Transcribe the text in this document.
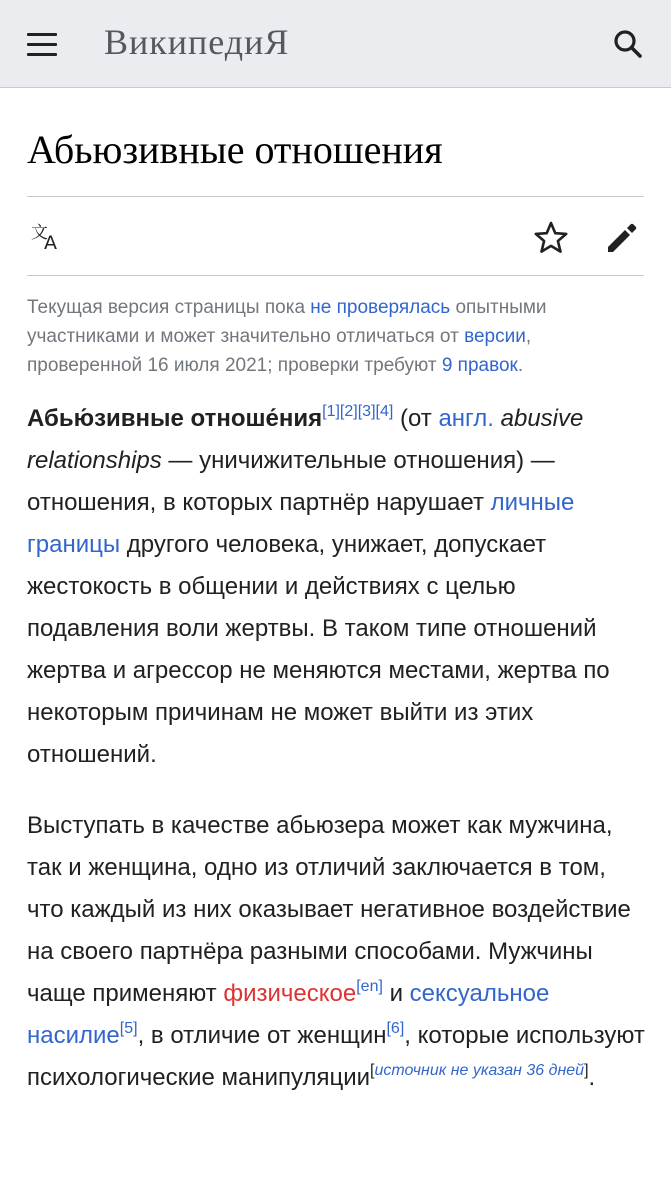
ВикипедиЯ
Абьюзивные отношения
文
A
Текущая версия страницы пока не проверялась опытными участниками и может значительно отличаться от версии, проверенной 16 июля 2021; проверки требуют 9 правок.
Абью́зивные отноше́ния[1][2][3][4] (от англ. abusive relationships — уничижительные отношения) — отношения, в которых партнёр нарушает личные границы другого человека, унижает, допускает жестокость в общении и действиях с целью подавления воли жертвы. В таком типе отношений жертва и агрессор не меняются местами, жертва по некоторым причинам не может выйти из этих отношений.
Выступать в качестве абьюзера может как мужчина, так и женщина, одно из отличий заключается в том, что каждый из них оказывает негативное воздействие на своего партнёра разными способами. Мужчины чаще применяют физическое[en] и сексуальное насилие[5], в отличие от женщин[6], которые используют психологические манипуляции[источник не указан 36 дней].
